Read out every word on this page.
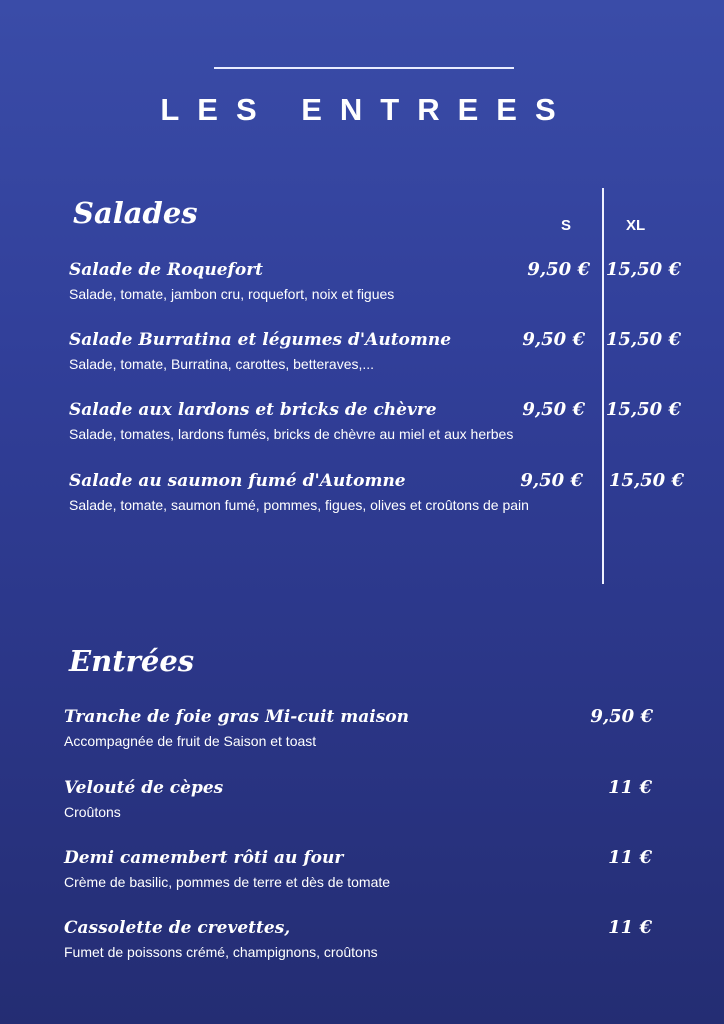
LES ENTREES
Salades	S	XL
Salade de Roquefort
Salade, tomate, jambon cru, roquefort, noix et figues
9,50 € 15,50 €
Salade Burratina et légumes d'Automne
Salade, tomate, Burratina, carottes, betteraves,...
9,50 € 15,50 €
Salade aux lardons et bricks de chèvre
Salade, tomates, lardons fumés, bricks de chèvre au miel et aux herbes
9,50 € 15,50 €
Salade au saumon fumé d'Automne
Salade, tomate, saumon fumé, pommes, figues, olives et croûtons de pain
9,50 € 15,50 €
Entrées
Tranche de foie gras Mi-cuit maison
Accompagnée de fruit de Saison et toast
9,50 €
Velouté de cèpes
Croûtons
11 €
Demi camembert rôti au four
Crème de basilic, pommes de terre et dès de tomate
11 €
Cassolette de crevettes,
Fumet de poissons crémé, champignons, croûtons
11 €
